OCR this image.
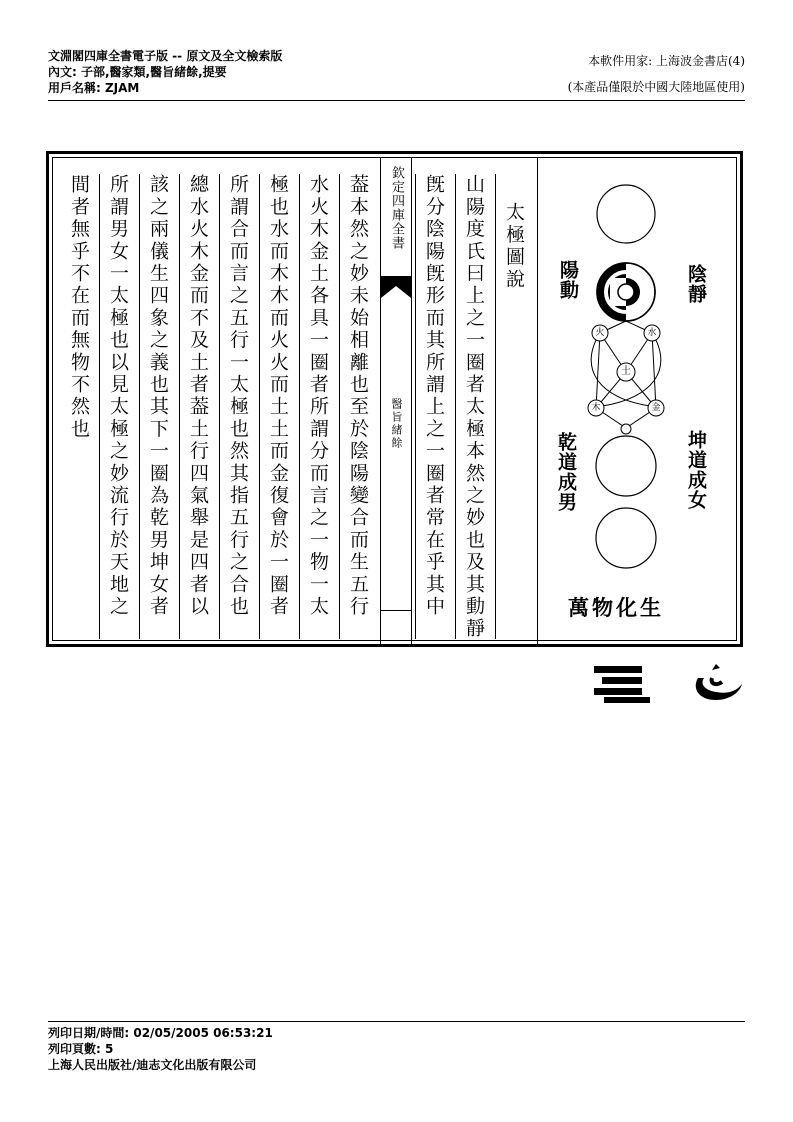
文淵閣四庫全書電子版 -- 原文及全文檢索版
內文: 子部,醫家類,醫旨緒餘,提要
用戶名稱: ZJAM
本軟件用家: 上海波金書店(4)
(本產品僅限於中國大陸地區使用)
間者無乎不在而無物不然也 所謂男女一太極也以見太極之妙流行於天地之 該之兩儀生四象之義也其下一圈為乾男坤女者 總水火木金而不及土者葢土行四氣舉是四者以 所謂合而言之五行一太極也然其指五行之合也 極也水而木木而火火而土土而金復會於一圈者 水火木金土各具一圈者所謂分而言之一物一太 葢本然之妙未始相離也至於陰陽變合而生五行	欽定四庫全書
醫旨緒餘	旣分陰陽旣形而其所謂上之一圈者常在乎其中 山陽度氏曰上之一圈者太極本然之妙也及其動靜 太極圖說
火	水
土
木	金
陽動	陰靜
乾道成男	坤道成女
萬物化生
列印日期/時間: 02/05/2005 06:53:21
列印頁數: 5
上海人民出版社/迪志文化出版有限公司
